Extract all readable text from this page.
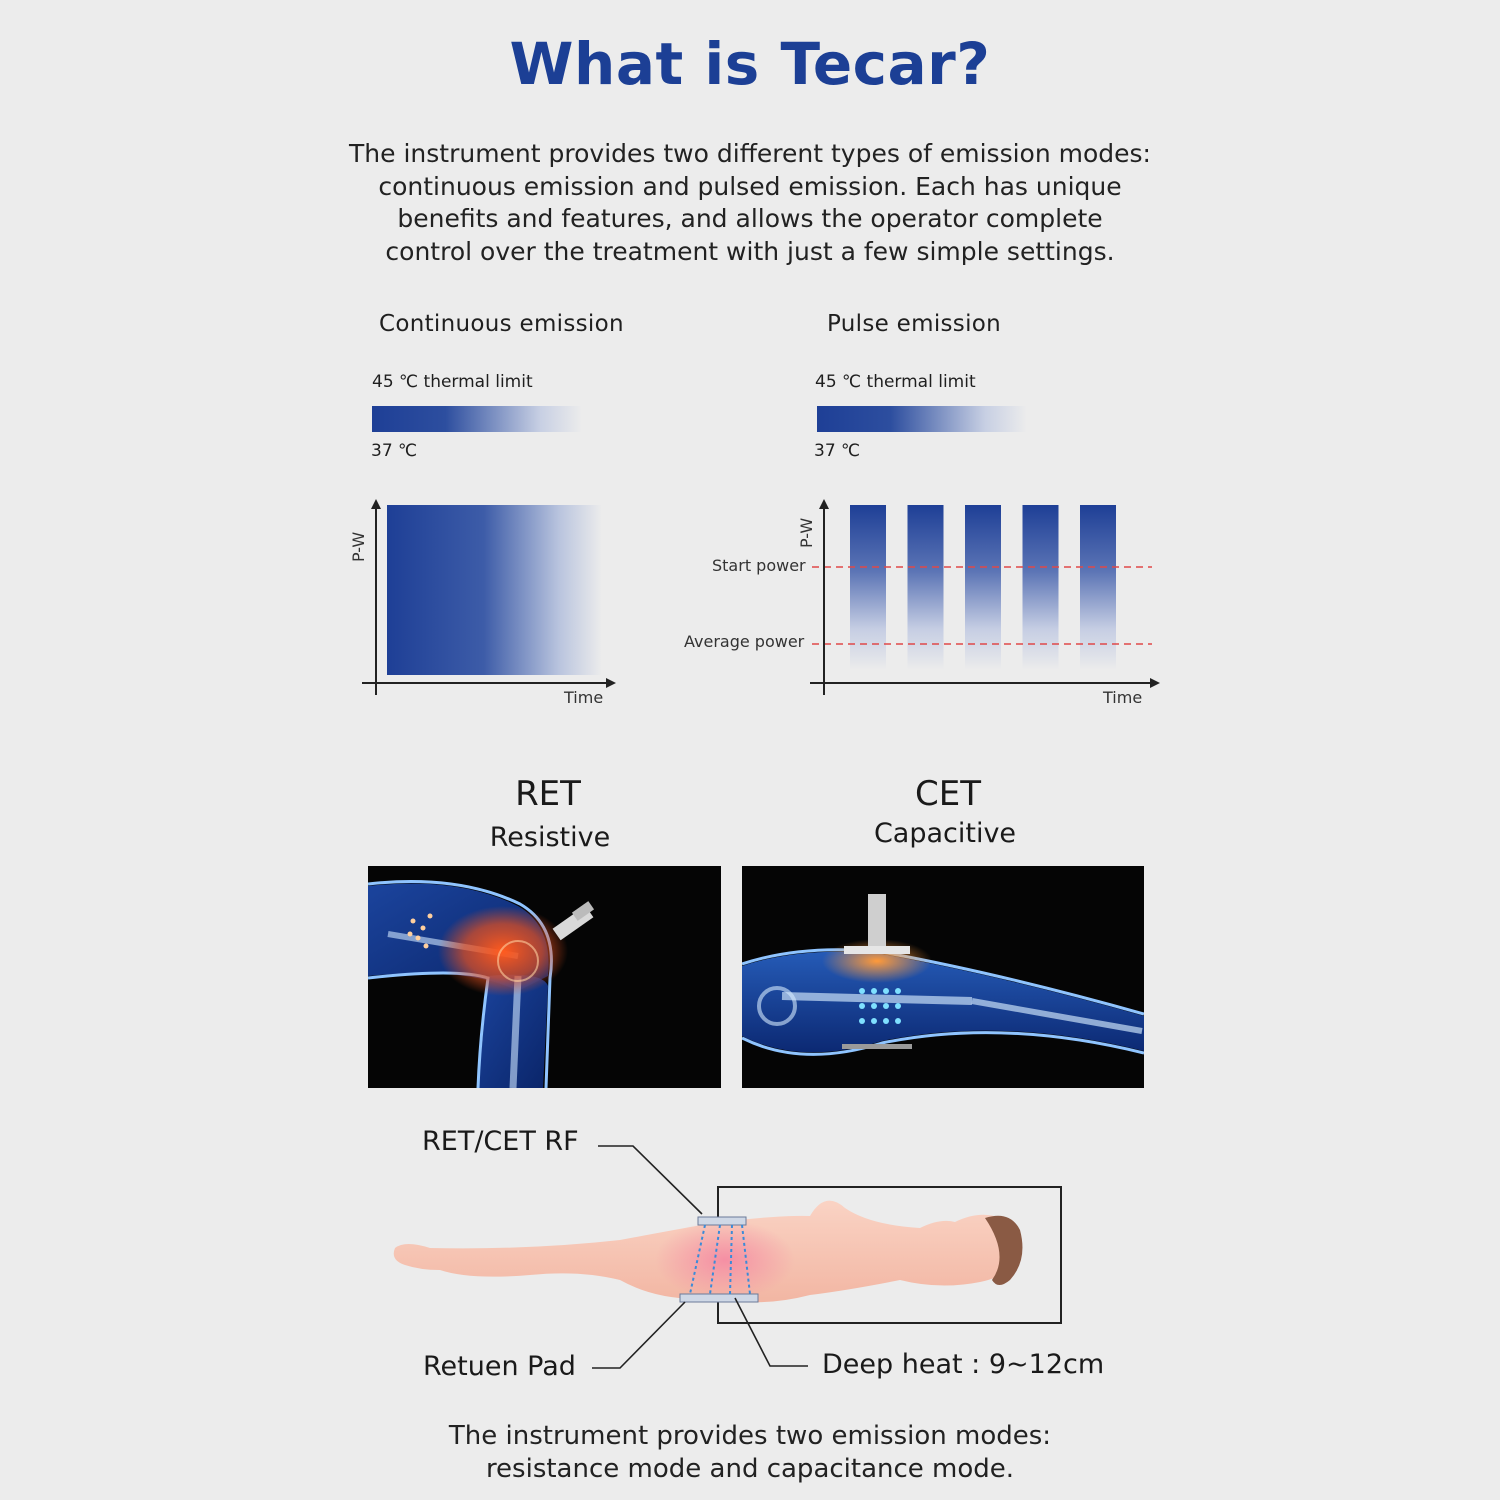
What is Tecar?
The instrument provides two different types of emission modes:
continuous emission and pulsed emission. Each has unique
benefits and features, and allows the operator complete
control over the treatment with just a few simple settings.
Continuous emission
45 ℃ thermal limit
37 ℃
P-W
Time
Pulse emission
45 ℃ thermal limit
37 ℃
P-W
Time
Start power
Average power
RET
Resistive
CET
Capacitive
RET/CET RF
Retuen Pad	Deep heat : 9~12cm
The instrument provides two emission modes:
resistance mode and capacitance mode.
